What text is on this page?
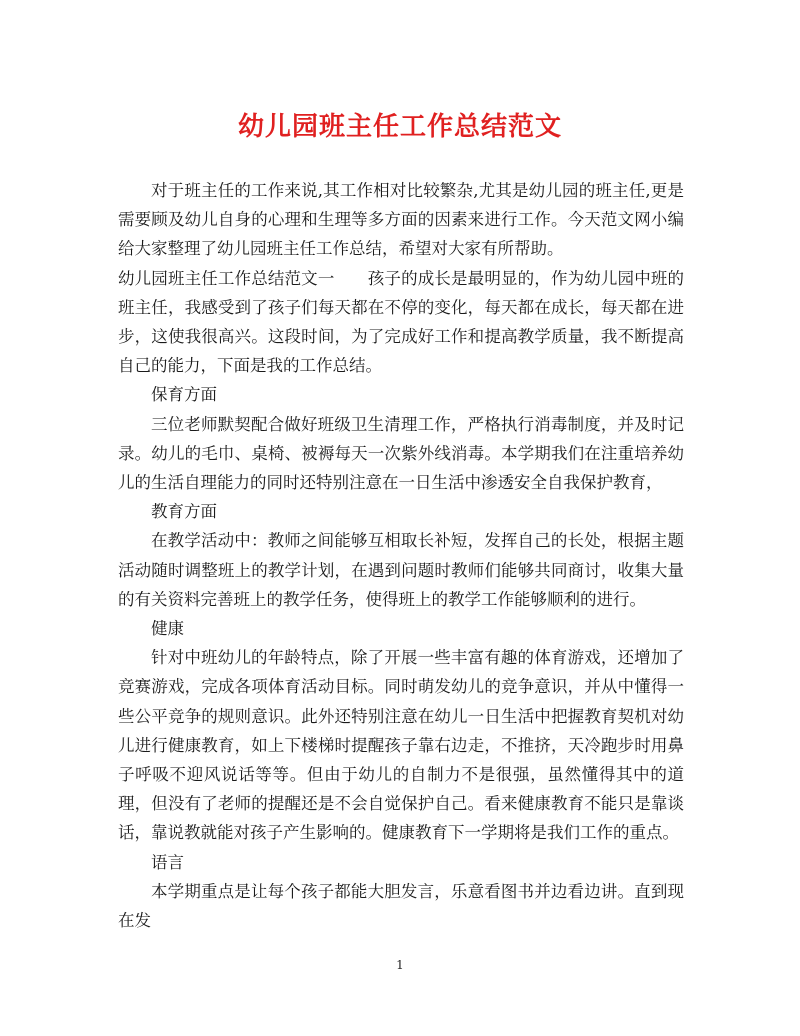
幼儿园班主任工作总结范文

对于班主任的工作来说,其工作相对比较繁杂,尤其是幼儿园的班主任,更是需要顾及幼儿自身的心理和生理等多方面的因素来进行工作。今天范文网小编给大家整理了幼儿园班主任工作总结，希望对大家有所帮助。

幼儿园班主任工作总结范文一　　孩子的成长是最明显的，作为幼儿园中班的班主任，我感受到了孩子们每天都在不停的变化，每天都在成长，每天都在进步，这使我很高兴。这段时间，为了完成好工作和提高教学质量，我不断提高自己的能力，下面是我的工作总结。

保育方面

三位老师默契配合做好班级卫生清理工作，严格执行消毒制度，并及时记录。幼儿的毛巾、桌椅、被褥每天一次紫外线消毒。本学期我们在注重培养幼儿的生活自理能力的同时还特别注意在一日生活中渗透安全自我保护教育，

教育方面

在教学活动中：教师之间能够互相取长补短，发挥自己的长处，根据主题活动随时调整班上的教学计划，在遇到问题时教师们能够共同商讨，收集大量的有关资料完善班上的教学任务，使得班上的教学工作能够顺利的进行。

健康

针对中班幼儿的年龄特点，除了开展一些丰富有趣的体育游戏，还增加了竞赛游戏，完成各项体育活动目标。同时萌发幼儿的竞争意识，并从中懂得一些公平竞争的规则意识。此外还特别注意在幼儿一日生活中把握教育契机对幼儿进行健康教育，如上下楼梯时提醒孩子靠右边走，不推挤，天冷跑步时用鼻子呼吸不迎风说话等等。但由于幼儿的自制力不是很强，虽然懂得其中的道理，但没有了老师的提醒还是不会自觉保护自己。看来健康教育不能只是靠谈话，靠说教就能对孩子产生影响的。健康教育下一学期将是我们工作的重点。

语言

本学期重点是让每个孩子都能大胆发言，乐意看图书并边看边讲。直到现在发

1
